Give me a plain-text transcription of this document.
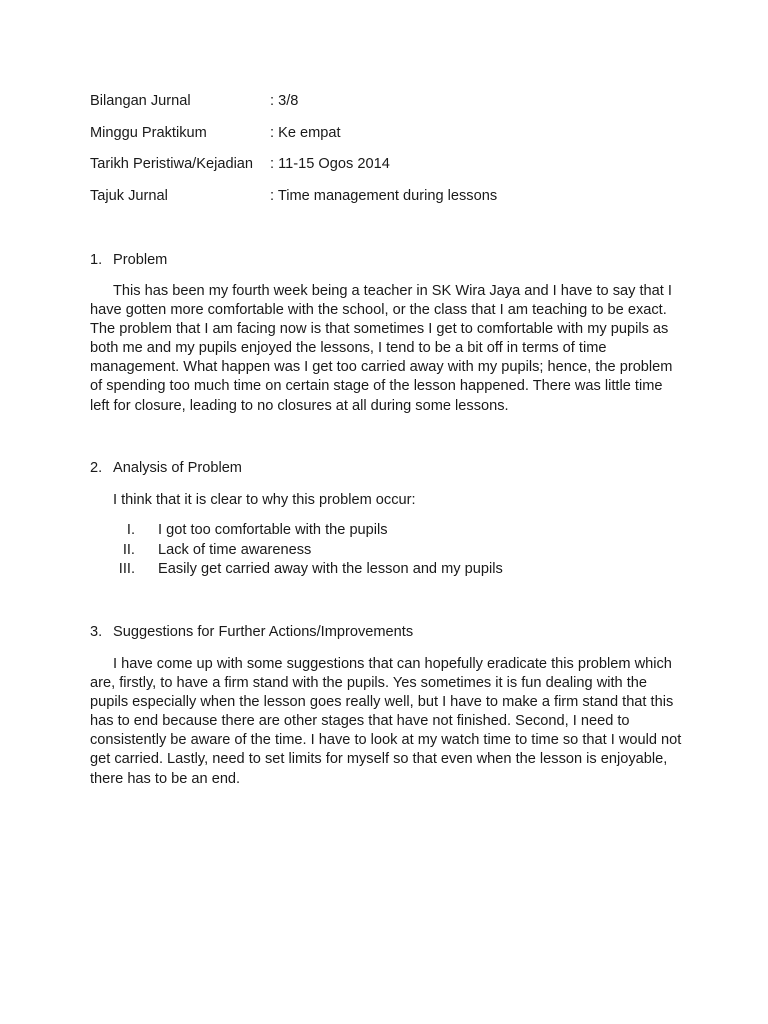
Bilangan Jurnal	: 3/8
Minggu Praktikum	: Ke empat
Tarikh Peristiwa/Kejadian : 11-15 Ogos 2014
Tajuk Jurnal	: Time management during lessons
1. Problem

This has been my fourth week being a teacher in SK Wira Jaya and I have to say that I have gotten more comfortable with the school, or the class that I am teaching to be exact. The problem that I am facing now is that sometimes I get to comfortable with my pupils as both me and my pupils enjoyed the lessons, I tend to be a bit off in terms of time management. What happen was I get too carried away with my pupils; hence, the problem of spending too much time on certain stage of the lesson happened. There was little time left for closure, leading to no closures at all during some lessons.

2. Analysis of Problem
I think that it is clear to why this problem occur:
I. I got too comfortable with the pupils
II. Lack of time awareness
III. Easily get carried away with the lesson and my pupils
3. Suggestions for Further Actions/Improvements

I have come up with some suggestions that can hopefully eradicate this problem which are, firstly, to have a firm stand with the pupils. Yes sometimes it is fun dealing with the pupils especially when the lesson goes really well, but I have to make a firm stand that this has to end because there are other stages that have not finished. Second, I need to consistently be aware of the time. I have to look at my watch time to time so that I would not get carried. Lastly, need to set limits for myself so that even when the lesson is enjoyable, there has to be an end.
